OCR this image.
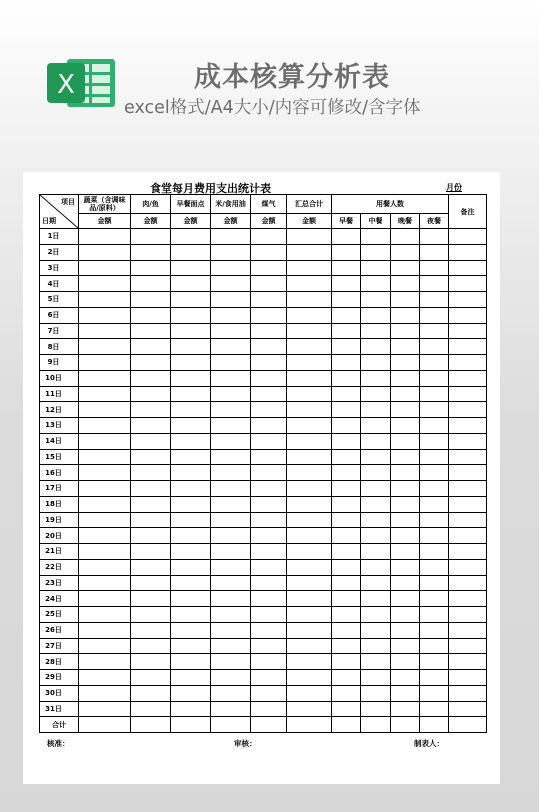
X	成本核算分析表
excel格式/A4大小/内容可修改/含字体
食堂每月费用支出统计表	月份
项目
日期	蔬菜（含调味品/原料）	肉/鱼	早餐面点	米/食用油	煤气	汇总合计	用餐人数				备注
	金额	金额	金额	金额	金额	金额	早餐	中餐	晚餐	夜餐	
1日											
2日											
3日											
4日											
5日											
6日											
7日											
8日											
9日											
10日											
11日											
12日											
13日											
14日											
15日											
16日											
17日											
18日											
19日											
20日											
21日											
22日											
23日											
24日											
25日											
26日											
27日											
28日											
29日											
30日											
31日											
合计											
核准：	审核：	制表人：
